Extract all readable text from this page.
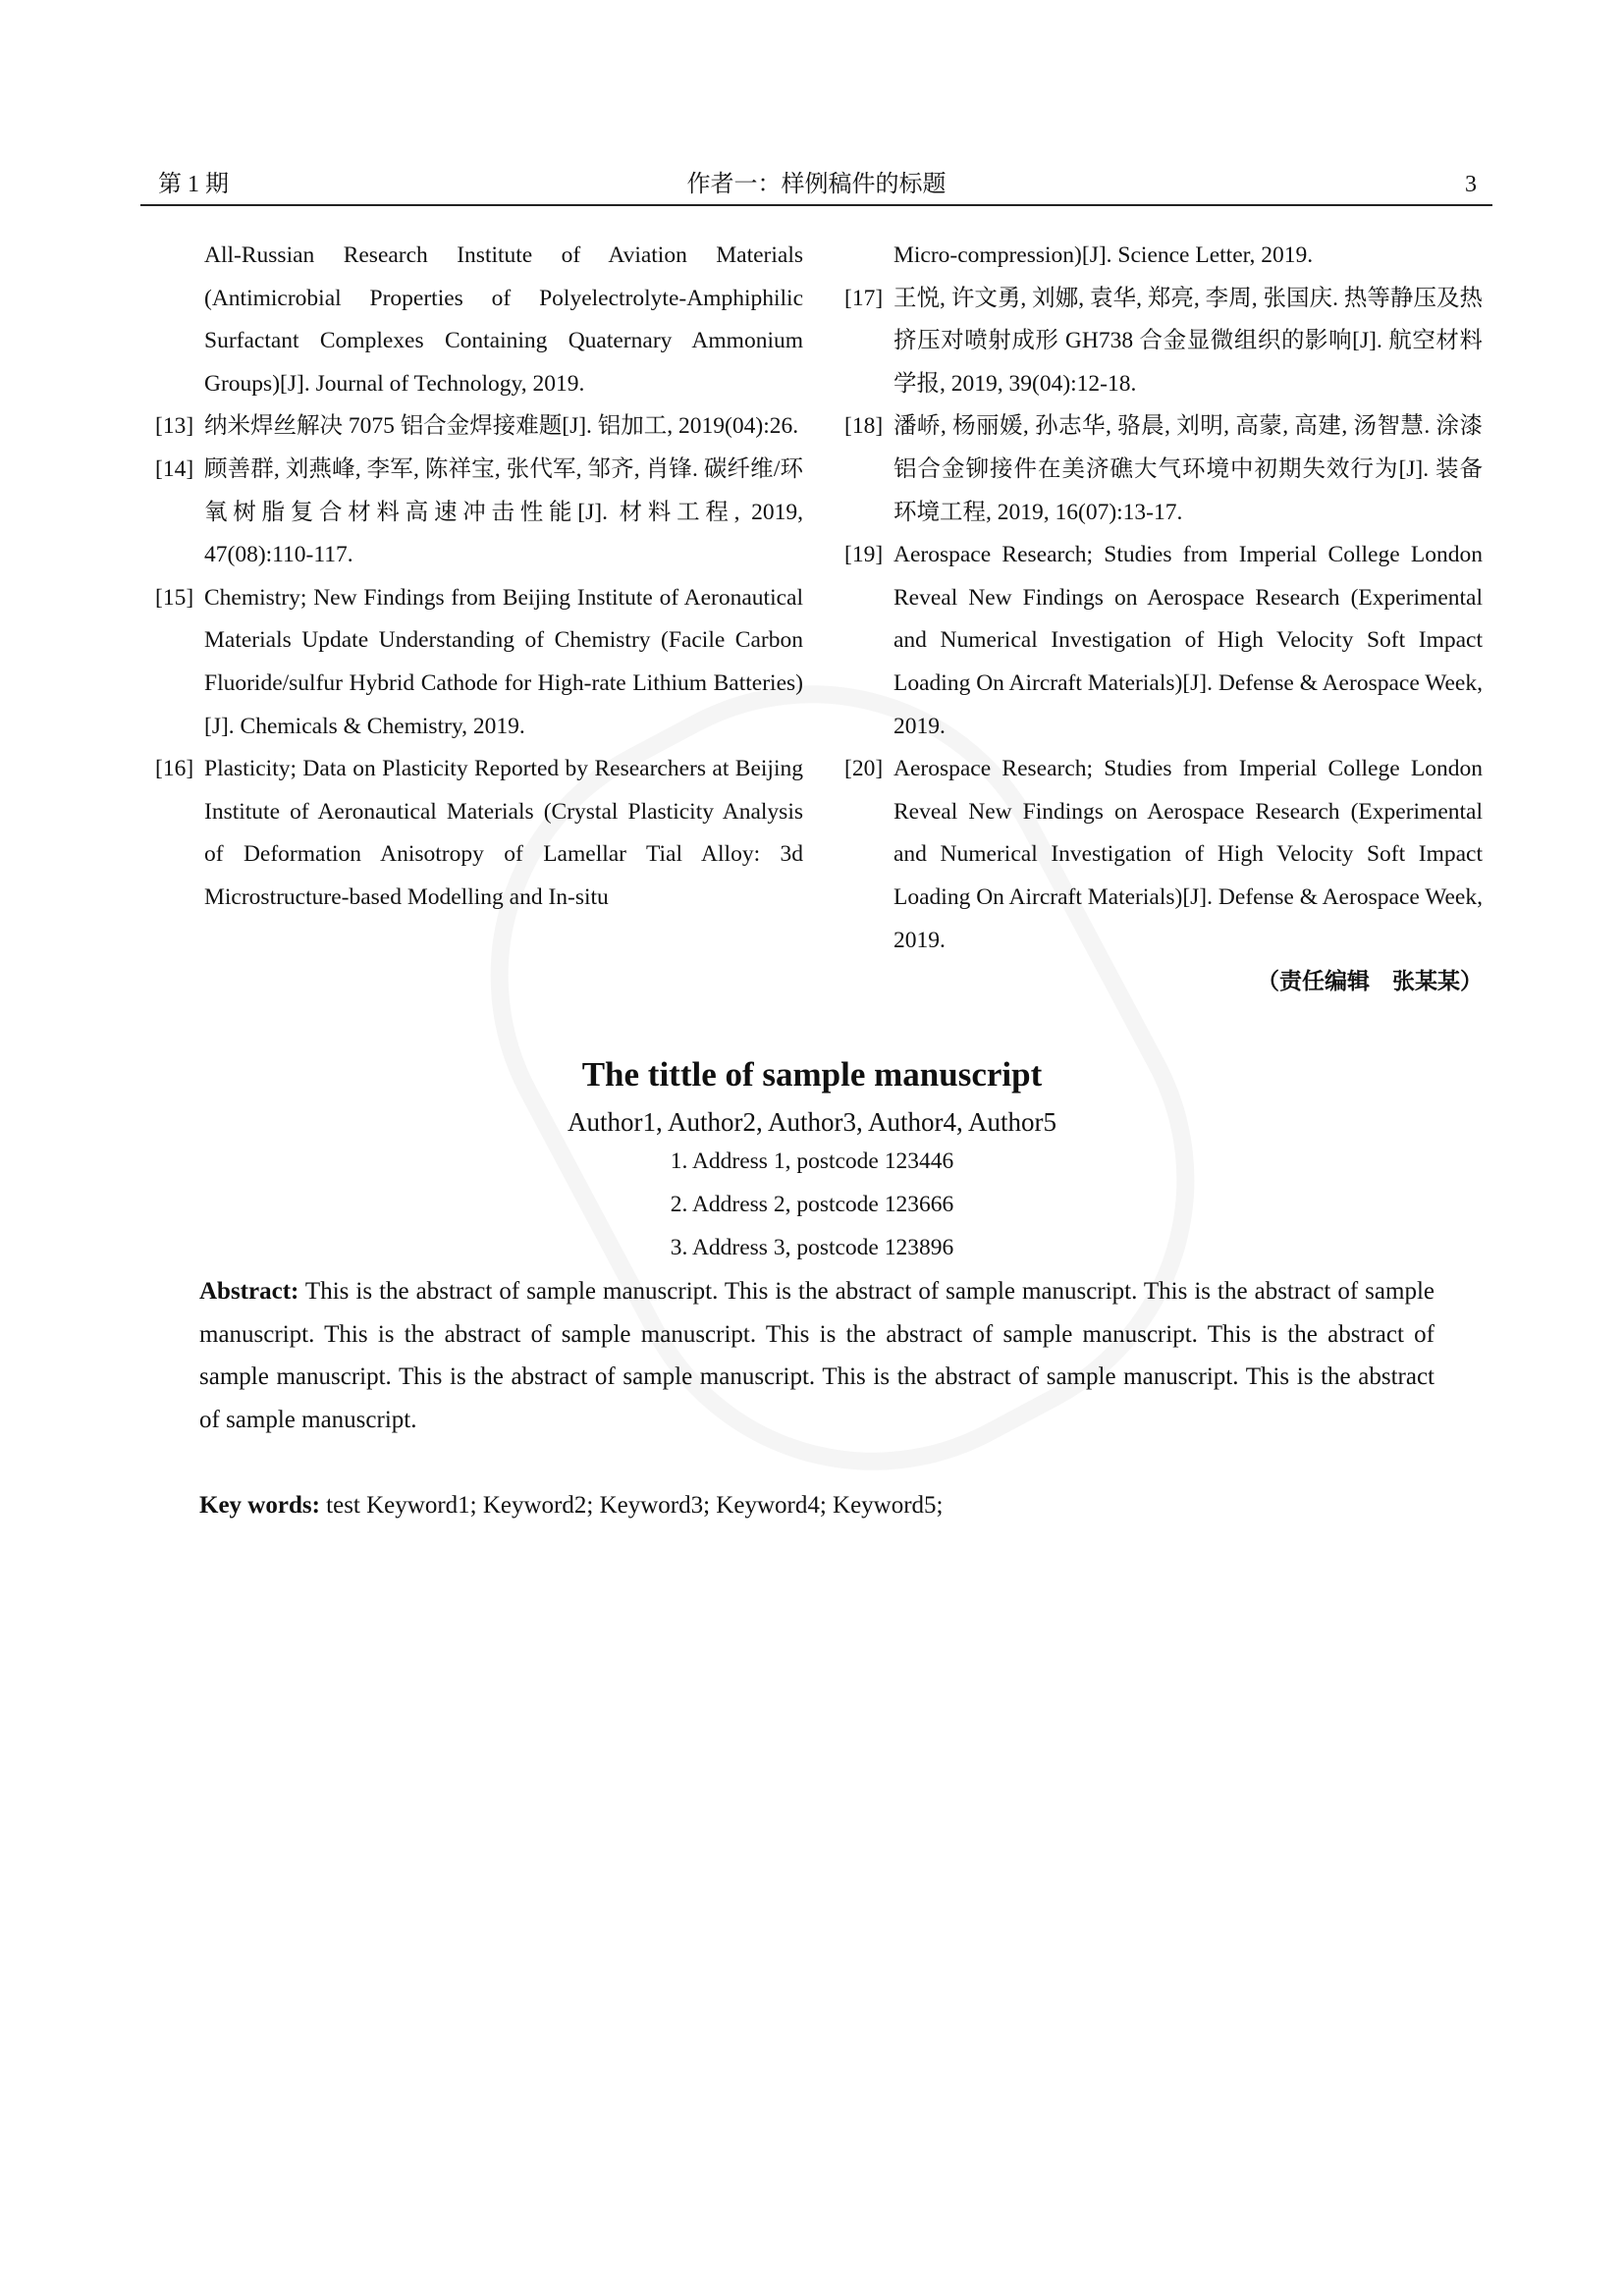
第 1 期	作者一：样例稿件的标题	3
All-Russian Research Institute of Aviation Materials (Antimicrobial Properties of Polyelectrolyte-Amphiphilic Surfactant Complexes Containing Quaternary Ammonium Groups)[J]. Journal of Technology, 2019.
[13] 纳米焊丝解决 7075 铝合金焊接难题[J]. 铝加工, 2019(04):26.
[14] 顾善群, 刘燕峰, 李军, 陈祥宝, 张代军, 邹齐, 肖锋. 碳纤维/环氧树脂复合材料高速冲击性能[J]. 材料工程, 2019, 47(08):110-117.
[15] Chemistry; New Findings from Beijing Institute of Aeronautical Materials Update Understanding of Chemistry (Facile Carbon Fluoride/sulfur Hybrid Cathode for High-rate Lithium Batteries)[J]. Chemicals & Chemistry, 2019.
[16] Plasticity; Data on Plasticity Reported by Researchers at Beijing Institute of Aeronautical Materials (Crystal Plasticity Analysis of Deformation Anisotropy of Lamellar Tial Alloy: 3d Microstructure-based Modelling and In-situ
Micro-compression)[J]. Science Letter, 2019.
[17] 王悦, 许文勇, 刘娜, 袁华, 郑亮, 李周, 张国庆. 热等静压及热挤压对喷射成形 GH738 合金显微组织的影响[J]. 航空材料学报, 2019, 39(04):12-18.
[18] 潘峤, 杨丽媛, 孙志华, 骆晨, 刘明, 高蒙, 高建, 汤智慧. 涂漆铝合金铆接件在美济礁大气环境中初期失效行为[J]. 装备环境工程, 2019, 16(07):13-17.
[19] Aerospace Research; Studies from Imperial College London Reveal New Findings on Aerospace Research (Experimental and Numerical Investigation of High Velocity Soft Impact Loading On Aircraft Materials)[J]. Defense & Aerospace Week, 2019.
[20] Aerospace Research; Studies from Imperial College London Reveal New Findings on Aerospace Research (Experimental and Numerical Investigation of High Velocity Soft Impact Loading On Aircraft Materials)[J]. Defense & Aerospace Week, 2019.
（责任编辑　张某某）
The tittle of sample manuscript
Author1, Author2, Author3, Author4, Author5
1. Address 1, postcode 123446
2. Address 2, postcode 123666
3. Address 3, postcode 123896
Abstract: This is the abstract of sample manuscript. This is the abstract of sample manuscript. This is the abstract of sample manuscript. This is the abstract of sample manuscript. This is the abstract of sample manuscript. This is the abstract of sample manuscript. This is the abstract of sample manuscript. This is the abstract of sample manuscript. This is the abstract of sample manuscript.
Key words: test Keyword1; Keyword2; Keyword3; Keyword4; Keyword5;
